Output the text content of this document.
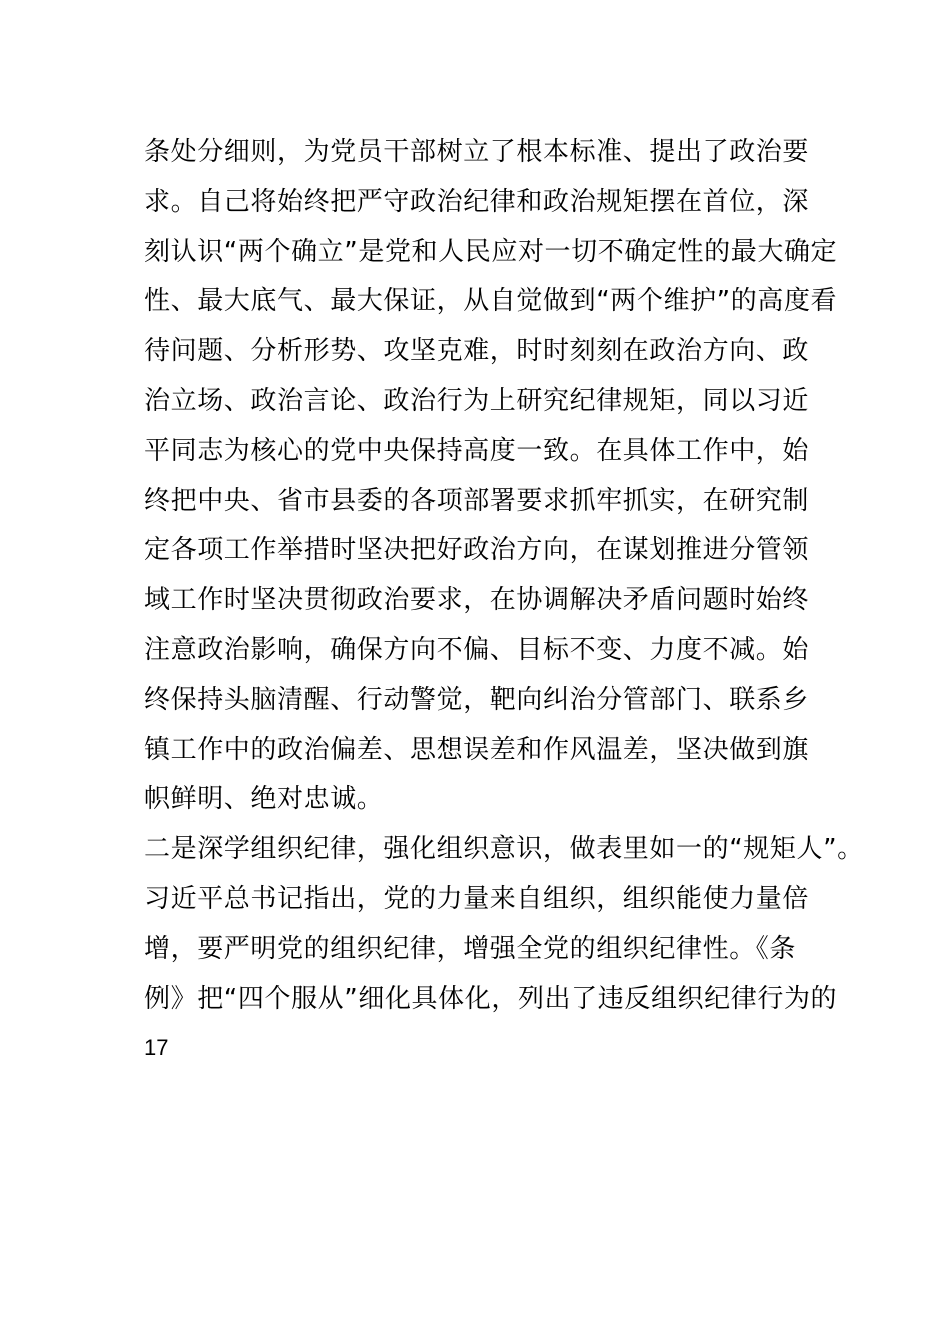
条处分细则，为党员干部树立了根本标准、提出了政治要
求。自己将始终把严守政治纪律和政治规矩摆在首位，深
刻认识“两个确立”是党和人民应对一切不确定性的最大确定
性、最大底气、最大保证，从自觉做到“两个维护”的高度看
待问题、分析形势、攻坚克难，时时刻刻在政治方向、政
治立场、政治言论、政治行为上研究纪律规矩，同以习近
平同志为核心的党中央保持高度一致。在具体工作中，始
终把中央、省市县委的各项部署要求抓牢抓实，在研究制
定各项工作举措时坚决把好政治方向，在谋划推进分管领
域工作时坚决贯彻政治要求，在协调解决矛盾问题时始终
注意政治影响，确保方向不偏、目标不变、力度不减。始
终保持头脑清醒、行动警觉，靶向纠治分管部门、联系乡
镇工作中的政治偏差、思想误差和作风温差，坚决做到旗
帜鲜明、绝对忠诚。
二是深学组织纪律，强化组织意识，做表里如一的“规矩人”。
习近平总书记指出，党的力量来自组织，组织能使力量倍
增，要严明党的组织纪律，增强全党的组织纪律性。《条
例》把“四个服从”细化具体化，列出了违反组织纪律行为的
17
